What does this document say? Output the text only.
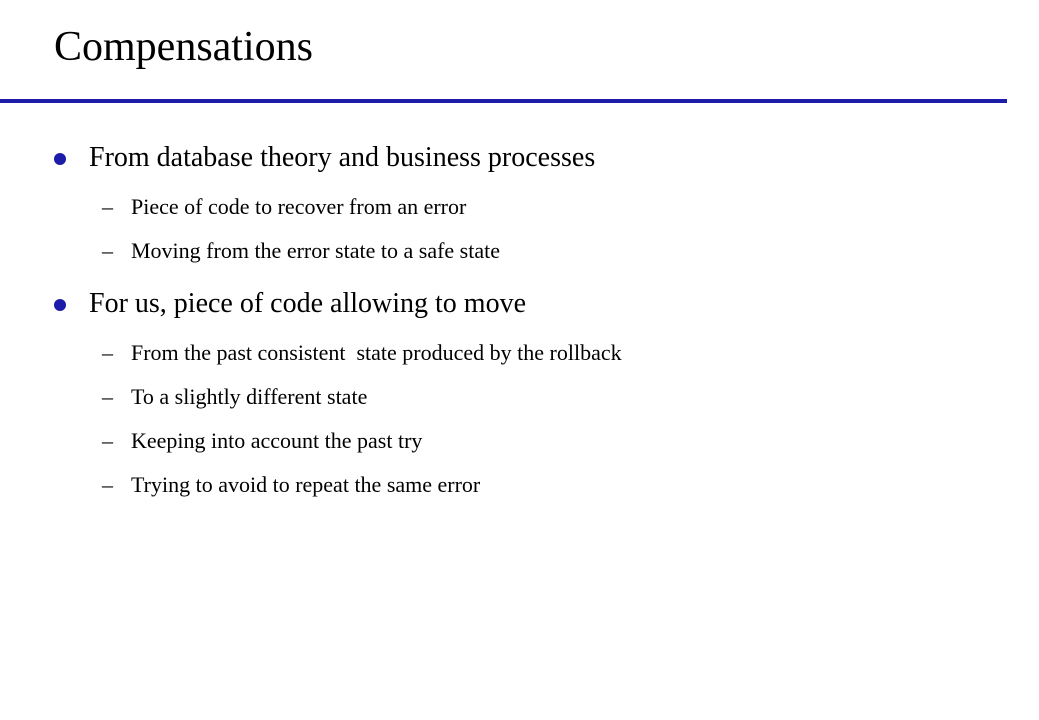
Compensations
From database theory and business processes
– Piece of code to recover from an error
– Moving from the error state to a safe state
For us, piece of code allowing to move
– From the past consistent  state produced by the rollback
– To a slightly different state
– Keeping into account the past try
– Trying to avoid to repeat the same error
